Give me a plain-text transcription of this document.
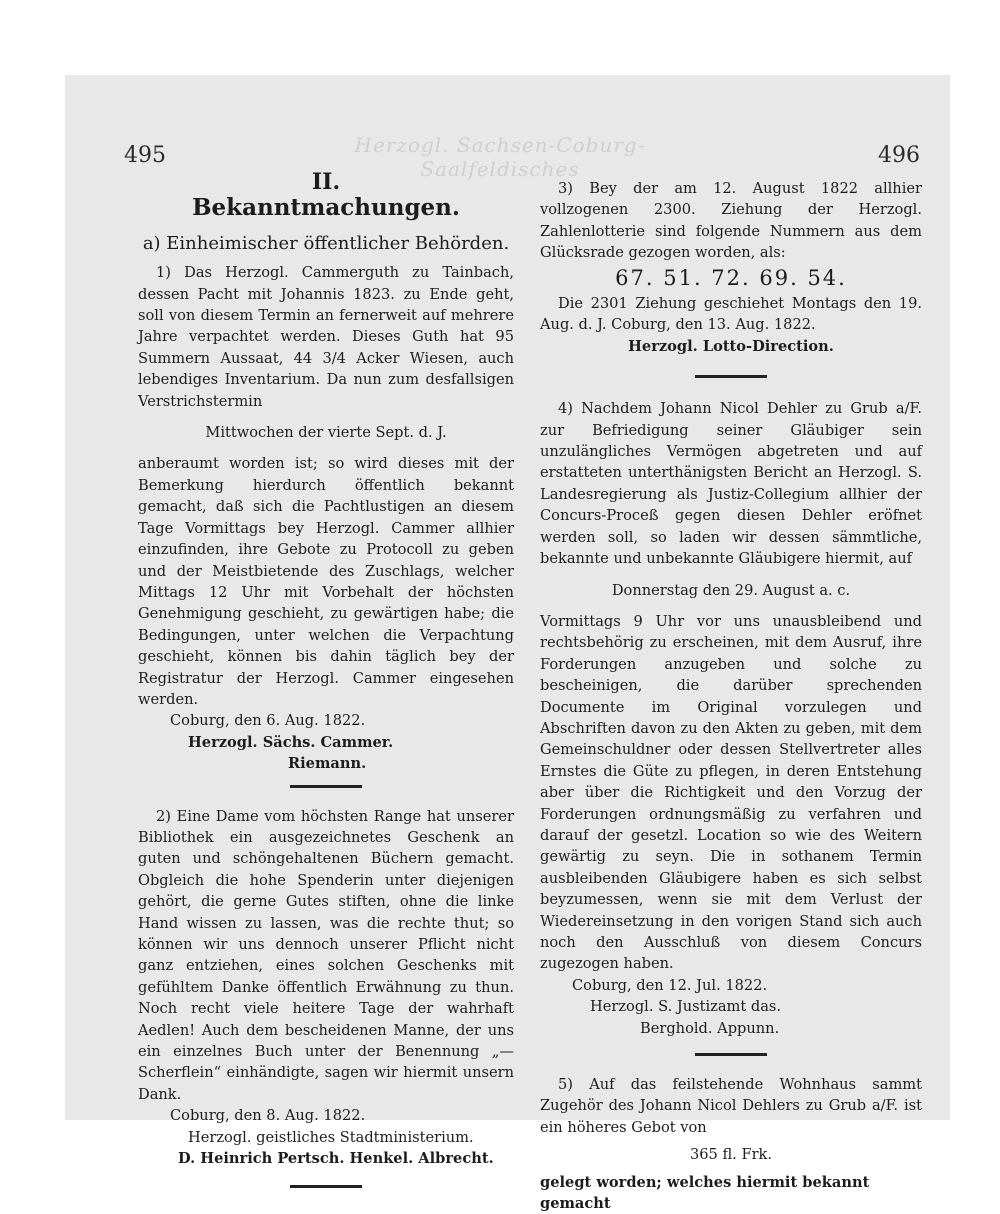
495	496
Herzogl. Sachsen-Coburg-Saalfeldisches

II.

Bekanntmachungen.

a) Einheimischer öffentlicher Behörden.

1) Das Herzogl. Cammerguth zu Tainbach, dessen Pacht mit Johannis 1823. zu Ende geht, soll von diesem Termin an fernerweit auf mehrere Jahre verpachtet werden. Dieses Guth hat 95 Summern Aussaat, 44 3/4 Acker Wiesen, auch lebendiges Inventarium. Da nun zum desfallsigen Verstrichstermin

Mittwochen der vierte Sept. d. J.

anberaumt worden ist; so wird dieses mit der Bemerkung hierdurch öffentlich bekannt gemacht, daß sich die Pachtlustigen an diesem Tage Vormittags bey Herzogl. Cammer allhier einzufinden, ihre Gebote zu Protocoll zu geben und der Meistbietende des Zuschlags, welcher Mittags 12 Uhr mit Vorbehalt der höchsten Genehmigung geschieht, zu gewärtigen habe; die Bedingungen, unter welchen die Verpachtung geschieht, können bis dahin täglich bey der Registratur der Herzogl. Cammer eingesehen werden.

Coburg, den 6. Aug. 1822.

Herzogl. Sächs. Cammer.

Riemann.

2) Eine Dame vom höchsten Range hat unserer Bibliothek ein ausgezeichnetes Geschenk an guten und schöngehaltenen Büchern gemacht. Obgleich die hohe Spenderin unter diejenigen gehört, die gerne Gutes stiften, ohne die linke Hand wissen zu lassen, was die rechte thut; so können wir uns dennoch unserer Pflicht nicht ganz entziehen, eines solchen Geschenks mit gefühltem Danke öffentlich Erwähnung zu thun. Noch recht viele heitere Tage der wahrhaft Aedlen! Auch dem bescheidenen Manne, der uns ein einzelnes Buch unter der Benennung „— Scherflein“ einhändigte, sagen wir hiermit unsern Dank.

Coburg, den 8. Aug. 1822.

Herzogl. geistliches Stadtministerium.

D. Heinrich Pertsch. Henkel. Albrecht.

3) Bey der am 12. August 1822 allhier vollzogenen 2300. Ziehung der Herzogl. Zahlenlotterie sind folgende Nummern aus dem Glücksrade gezogen worden, als:

67. 51. 72. 69. 54.

Die 2301 Ziehung geschiehet Montags den 19. Aug. d. J. Coburg, den 13. Aug. 1822.

Herzogl. Lotto-Direction.

4) Nachdem Johann Nicol Dehler zu Grub a/F. zur Befriedigung seiner Gläubiger sein unzulängliches Vermögen abgetreten und auf erstatteten unterthänigsten Bericht an Herzogl. S. Landesregierung als Justiz-Collegium allhier der Concurs-Proceß gegen diesen Dehler eröfnet werden soll, so laden wir dessen sämmtliche, bekannte und unbekannte Gläubigere hiermit, auf

Donnerstag den 29. August a. c.

Vormittags 9 Uhr vor uns unausbleibend und rechtsbehörig zu erscheinen, mit dem Ausruf, ihre Forderungen anzugeben und solche zu bescheinigen, die darüber sprechenden Documente im Original vorzulegen und Abschriften davon zu den Akten zu geben, mit dem Gemeinschuldner oder dessen Stellvertreter alles Ernstes die Güte zu pflegen, in deren Entstehung aber über die Richtigkeit und den Vorzug der Forderungen ordnungsmäßig zu verfahren und darauf der gesetzl. Location so wie des Weitern gewärtig zu seyn. Die in sothanem Termin ausbleibenden Gläubigere haben es sich selbst beyzumessen, wenn sie mit dem Verlust der Wiedereinsetzung in den vorigen Stand sich auch noch den Ausschluß von diesem Concurs zugezogen haben.

Coburg, den 12. Jul. 1822.

Herzogl. S. Justizamt das.

Berghold. Appunn.

5) Auf das feilstehende Wohnhaus sammt Zugehör des Johann Nicol Dehlers zu Grub a/F. ist ein höheres Gebot von

365 fl. Frk.

gelegt worden; welches hiermit bekannt gemacht
